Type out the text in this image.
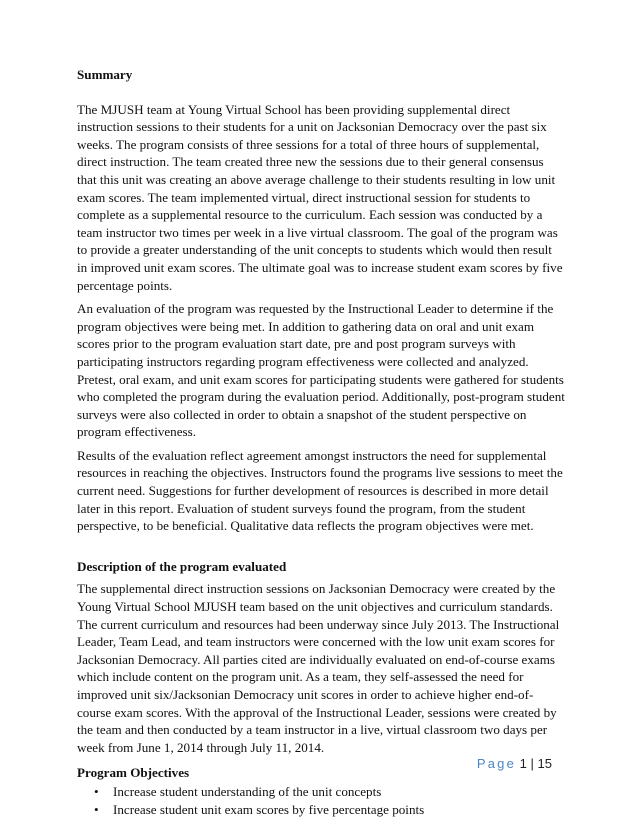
Summary

The MJUSH team at Young Virtual School has been providing supplemental direct instruction sessions to their students for a unit on Jacksonian Democracy over the past six weeks. The program consists of three sessions for a total of three hours of supplemental, direct instruction. The team created three new the sessions due to their general consensus that this unit was creating an above average challenge to their students resulting in low unit exam scores. The team implemented virtual, direct instructional session for students to complete as a supplemental resource to the curriculum. Each session was conducted by a team instructor two times per week in a live virtual classroom. The goal of the program was to provide a greater understanding of the unit concepts to students which would then result in improved unit exam scores. The ultimate goal was to increase student exam scores by five percentage points.

An evaluation of the program was requested by the Instructional Leader to determine if the program objectives were being met. In addition to gathering data on oral and unit exam scores prior to the program evaluation start date, pre and post program surveys with participating instructors regarding program effectiveness were collected and analyzed. Pretest, oral exam, and unit exam scores for participating students were gathered for students who completed the program during the evaluation period. Additionally, post-program student surveys were also collected in order to obtain a snapshot of the student perspective on program effectiveness.

Results of the evaluation reflect agreement amongst instructors the need for supplemental resources in reaching the objectives. Instructors found the programs live sessions to meet the current need. Suggestions for further development of resources is described in more detail later in this report. Evaluation of student surveys found the program, from the student perspective, to be beneficial. Qualitative data reflects the program objectives were met.

Description of the program evaluated

The supplemental direct instruction sessions on Jacksonian Democracy were created by the Young Virtual School MJUSH team based on the unit objectives and curriculum standards. The current curriculum and resources had been underway since July 2013. The Instructional Leader, Team Lead, and team instructors were concerned with the low unit exam scores for Jacksonian Democracy. All parties cited are individually evaluated on end-of-course exams which include content on the program unit. As a team, they self-assessed the need for improved unit six/Jacksonian Democracy unit scores in order to achieve higher end-of-course exam scores. With the approval of the Instructional Leader, sessions were created by the team and then conducted by a team instructor in a live, virtual classroom two days per week from June 1, 2014 through July 11, 2014.

Program Objectives

• Increase student understanding of the unit concepts
• Increase student unit exam scores by five percentage points
Page 1 | 15
